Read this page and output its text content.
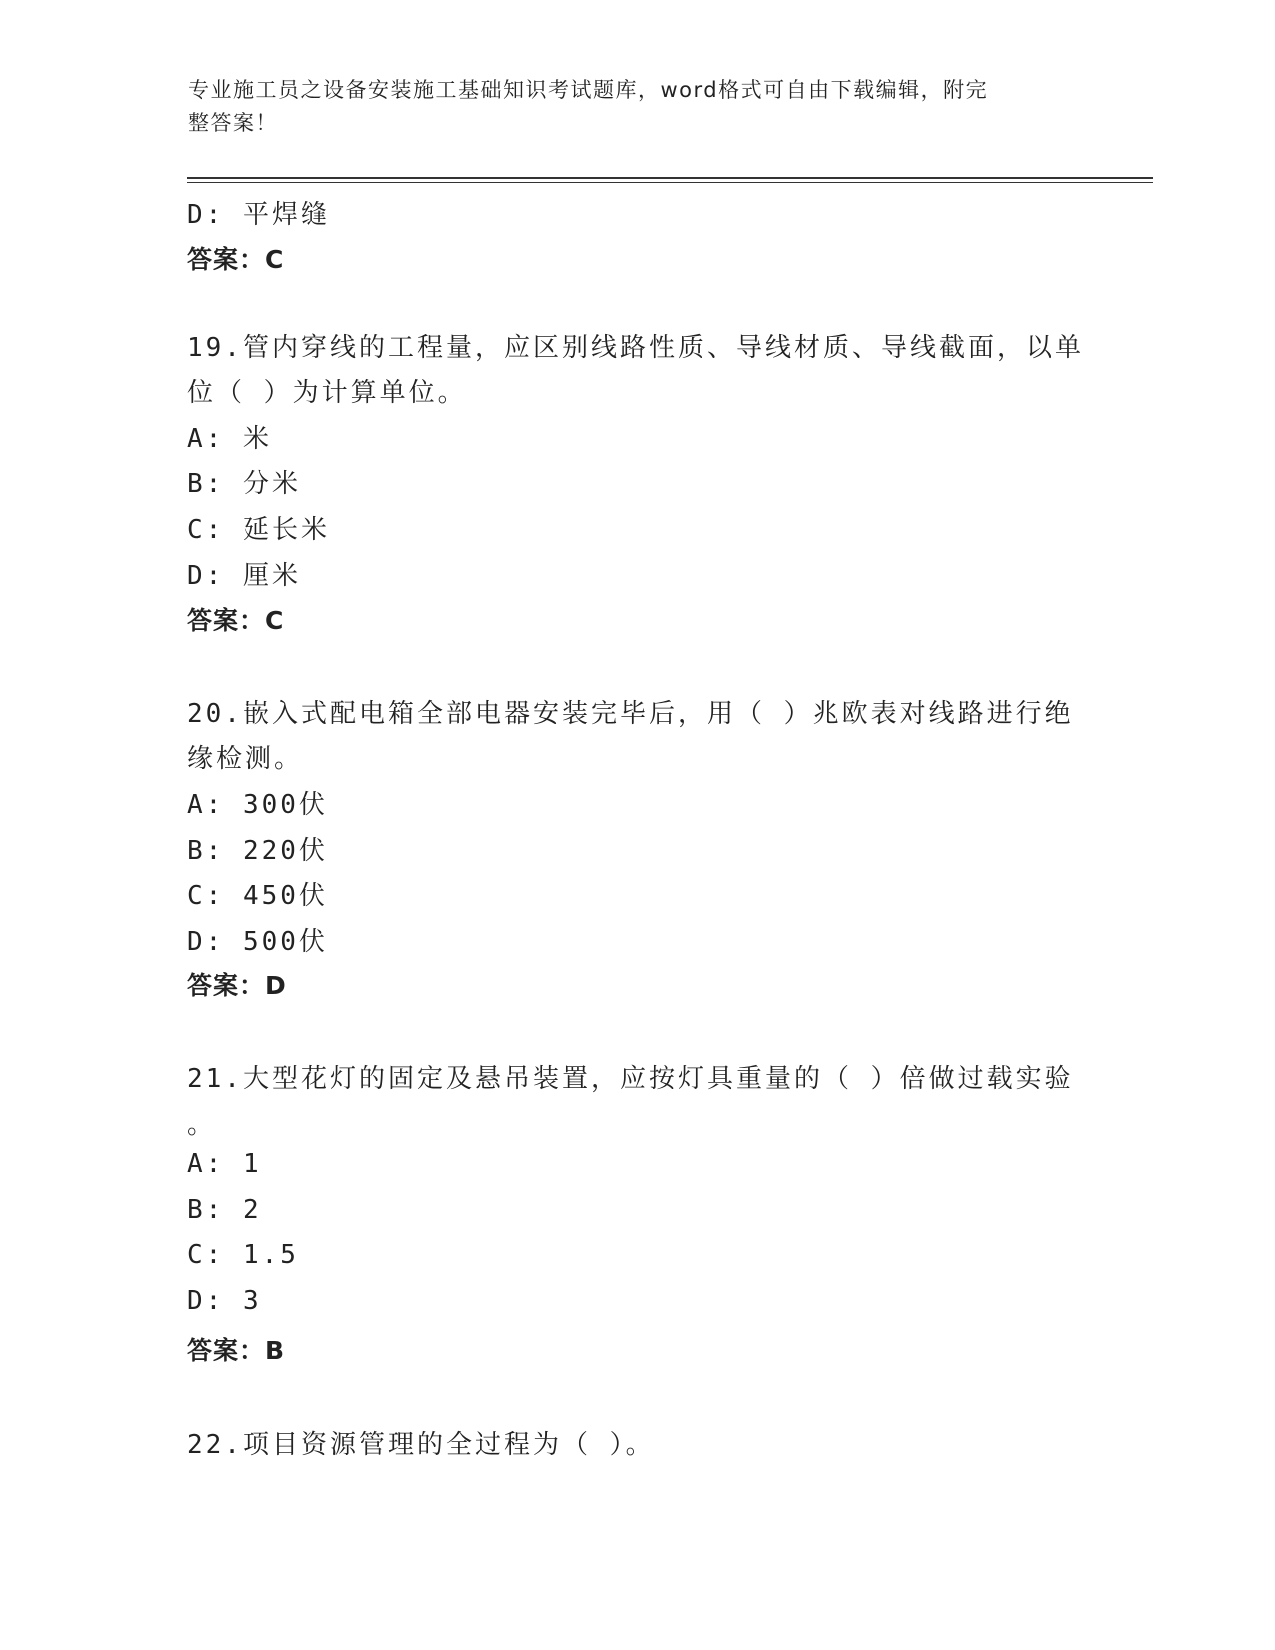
专业施工员之设备安装施工基础知识考试题库，word格式可自由下载编辑，附完
整答案！
D: 平焊缝
答案：C
19.管内穿线的工程量，应区别线路性质、导线材质、导线截面，以单
位（ ）为计算单位。
A: 米
B: 分米
C: 延长米
D: 厘米
答案：C
20.嵌入式配电箱全部电器安装完毕后，用（ ）兆欧表对线路进行绝
缘检测。
A: 300伏
B: 220伏
C: 450伏
D: 500伏
答案：D
21.大型花灯的固定及悬吊装置，应按灯具重量的（ ）倍做过载实验
。
A: 1
B: 2
C: 1.5
D: 3
答案：B
22.项目资源管理的全过程为（ ）。
